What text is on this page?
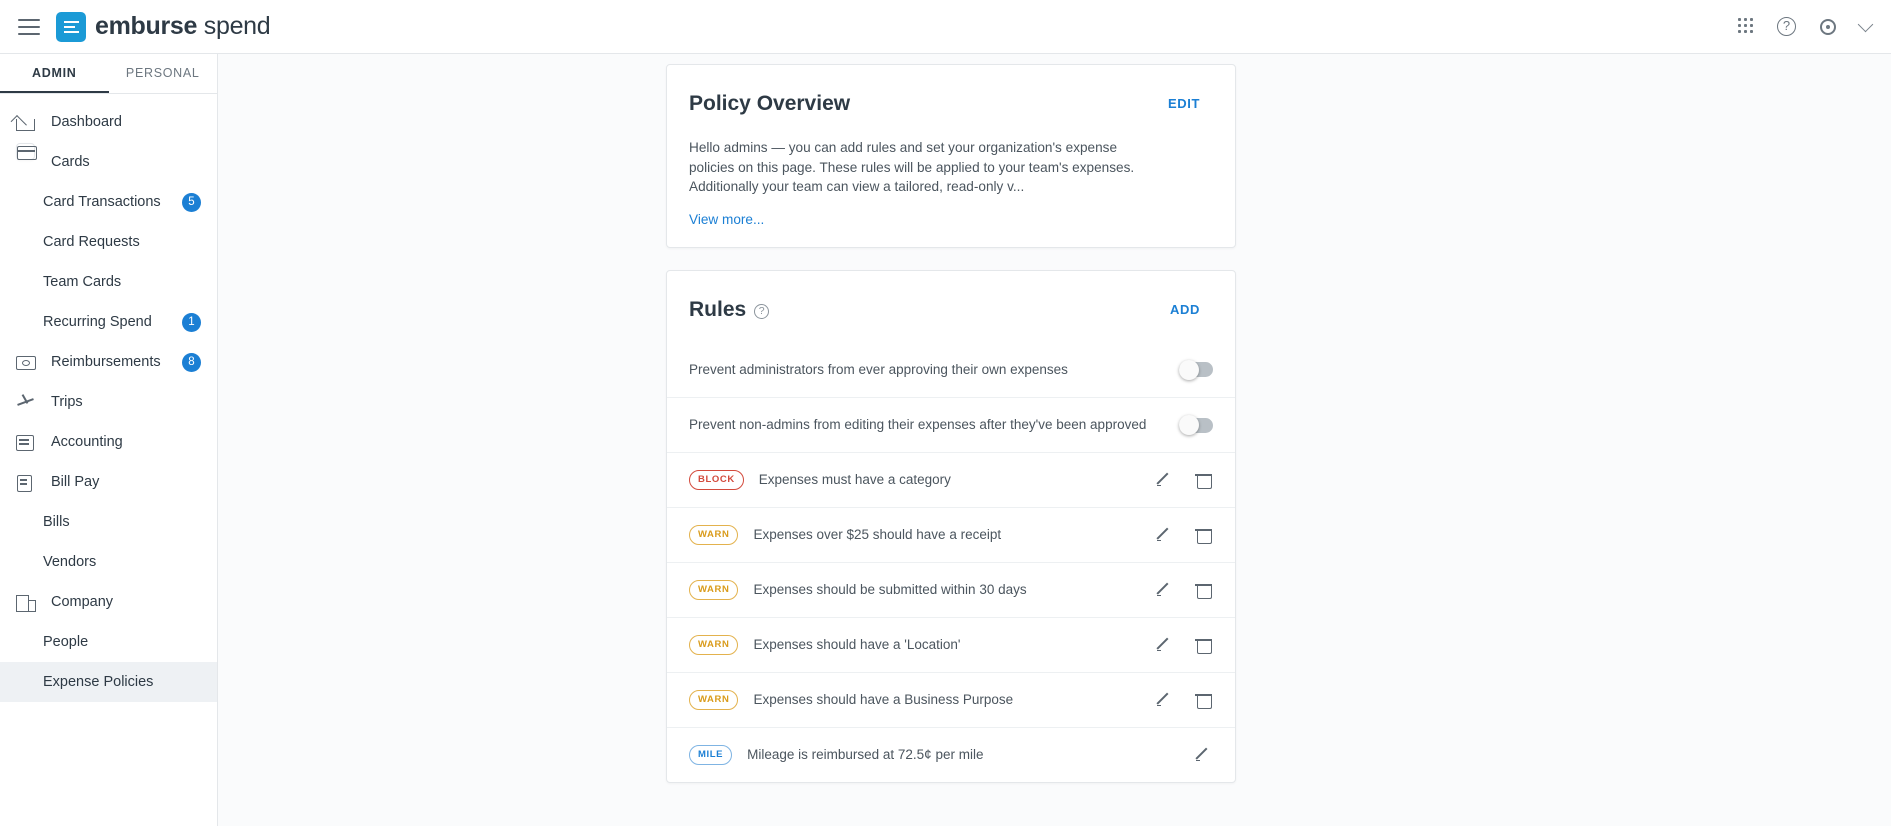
emburse spend	?
ADMIN	PERSONAL
Dashboard
Cards
Card Transactions	5
Card Requests
Team Cards
Recurring Spend	1
Reimbursements	8
Trips
Accounting
Bill Pay
Bills
Vendors
Company
People
Expense Policies
Policy Overview	EDIT
Hello admins — you can add rules and set your organization's expense policies on this page. These rules will be applied to your team's expenses. Additionally your team can view a tailored, read-only v...
View more...
Rules	?	ADD
Prevent administrators from ever approving their own expenses
Prevent non-admins from editing their expenses after they've been approved
BLOCK	Expenses must have a category
WARN	Expenses over $25 should have a receipt
WARN	Expenses should be submitted within 30 days
WARN	Expenses should have a 'Location'
WARN	Expenses should have a Business Purpose
MILE	Mileage is reimbursed at 72.5¢ per mile
